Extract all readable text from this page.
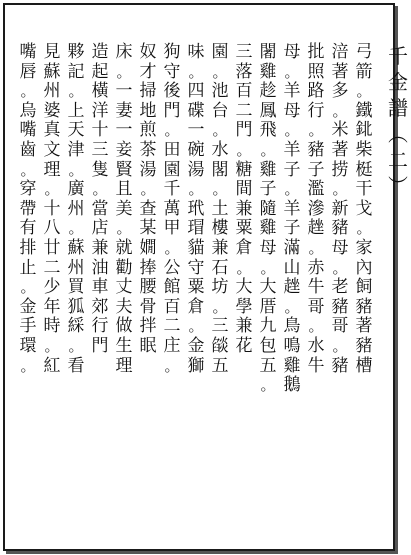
千
金
譜
︵
二
︶
弓
箭
。
鐵
鉳
柴
梃
干
戈
。
家
內
飼
豬
著
豬
槽
涪
著
多
。
米
著
捞
。
新
豬
母
。
老
豬
哥
。
豬
批
照
路
行
。
豬
子
濫
滲
趖
。
赤
牛
哥
。
水
牛
母
。
羊
母
。
羊
子
。
羊
子
滿
山
趖
。
鳥
鳴
雞
鵝
闍
雞
趁
鳳
飛
。
雞
子
隨
雞
母
。
大
厝
九
包
五
。
三
落
百
二
門
。
糖
間
兼
粟
倉
。
大
學
兼
花
園
。
池
台
。
水
閣
。
土
樓
兼
石
坊
。
三
燄
五
味
。
四
碟
一
碗
湯
。
玳
瑁
貓
守
粟
倉
。
金
獅
狗
守
後
門
。
田
園
千
萬
甲
。
公
館
百
二
庄
。
奴
才
掃
地
煎
茶
湯
。
查
某
嫺
捧
腰
骨
拌
眠
床
。
一
妻
一
妾
賢
且
美
。
就
勸
丈
夫
做
生
理
造
起
橫
洋
十
三
隻
。
當
店
兼
油
車
郊
行
門
夥
記
。
上
天
津
。
廣
州
。
蘇
州
買
狐
綵
。
看
見
蘇
州
婆
真
文
理
。
十
八
廿
二
少
年
時
。
紅
嘴
唇
。
烏
嘴
齒
。
穿
帶
有
排
止
。
金
手
環
。
